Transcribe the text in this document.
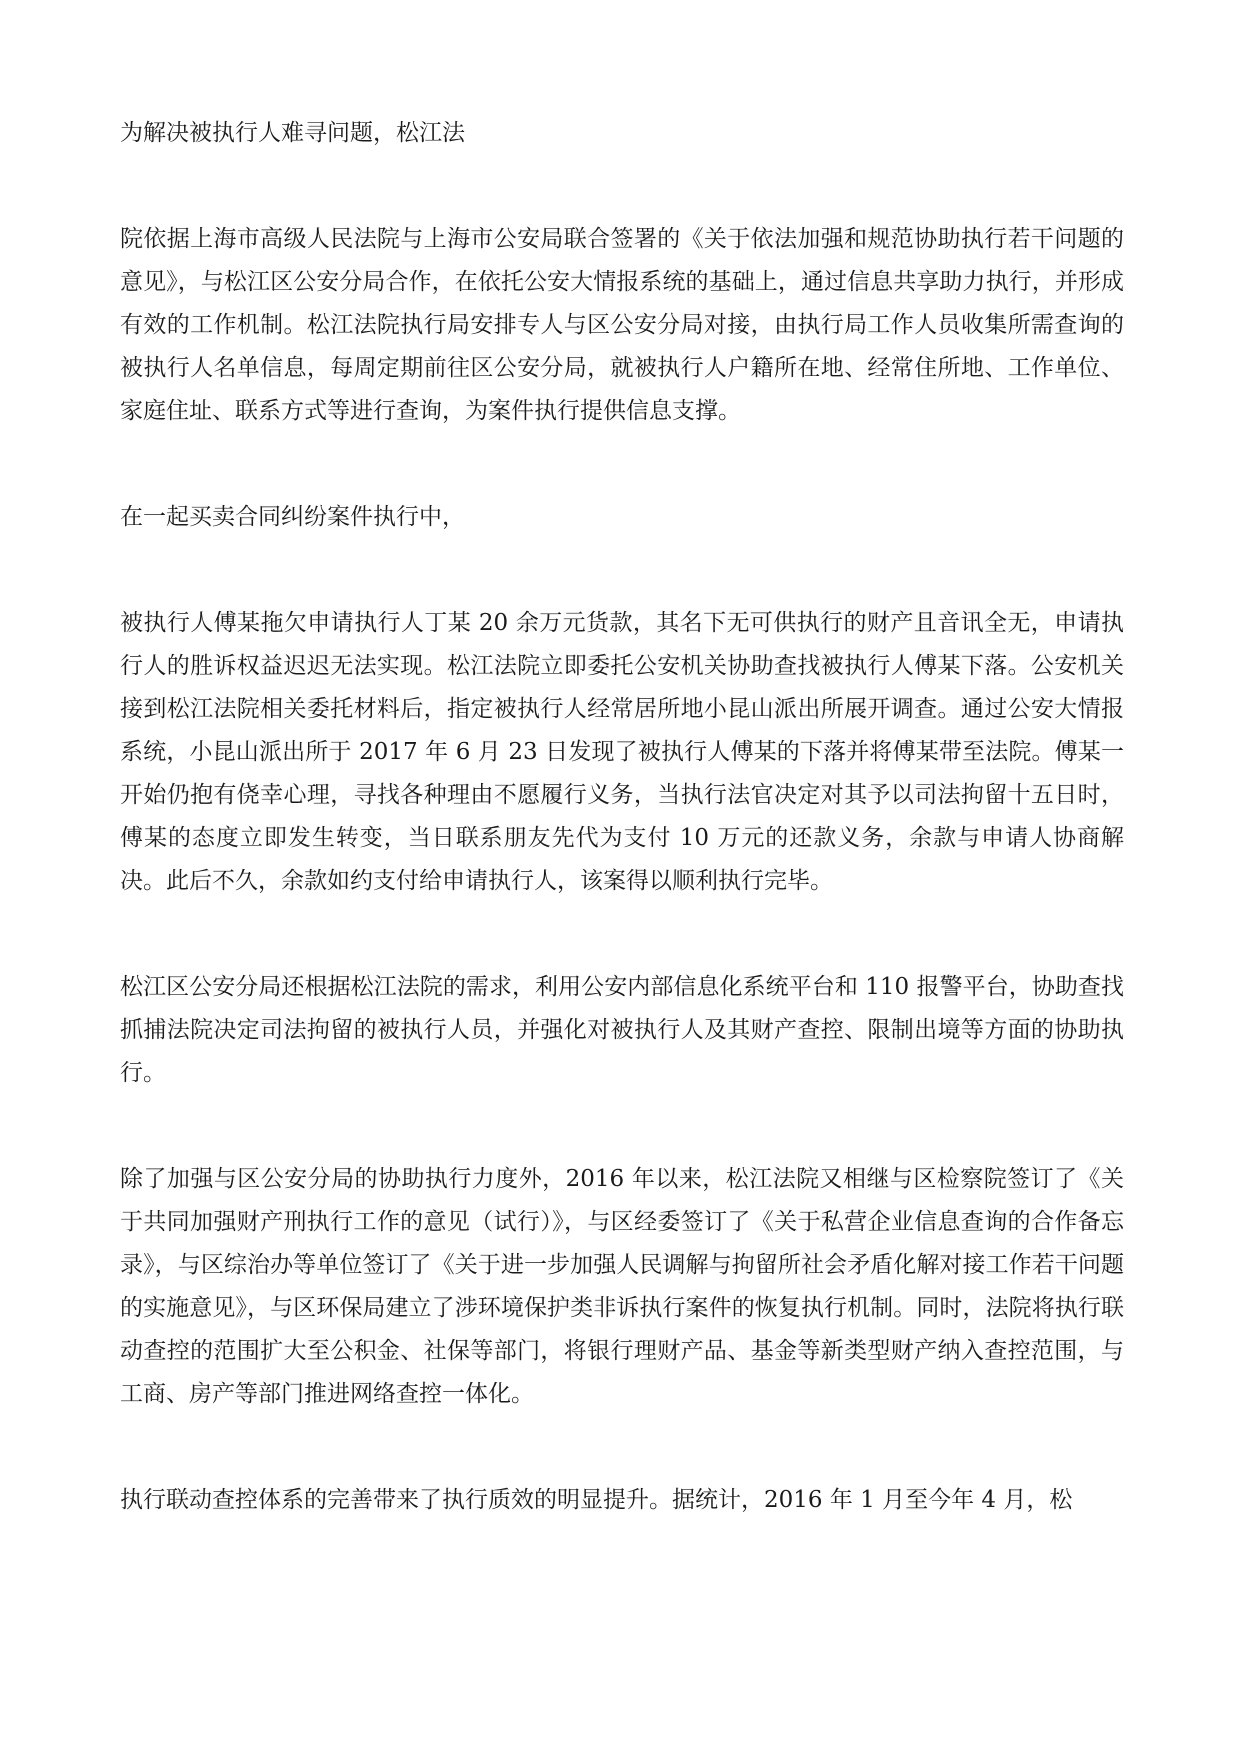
为解决被执行人难寻问题，松江法

院依据上海市高级人民法院与上海市公安局联合签署的《关于依法加强和规范协助执行若干问题的意见》，与松江区公安分局合作，在依托公安大情报系统的基础上，通过信息共享助力执行，并形成有效的工作机制。松江法院执行局安排专人与区公安分局对接，由执行局工作人员收集所需查询的被执行人名单信息，每周定期前往区公安分局，就被执行人户籍所在地、经常住所地、工作单位、家庭住址、联系方式等进行查询，为案件执行提供信息支撑。

在一起买卖合同纠纷案件执行中，

被执行人傅某拖欠申请执行人丁某 20 余万元货款，其名下无可供执行的财产且音讯全无，申请执行人的胜诉权益迟迟无法实现。松江法院立即委托公安机关协助查找被执行人傅某下落。公安机关接到松江法院相关委托材料后，指定被执行人经常居所地小昆山派出所展开调查。通过公安大情报系统，小昆山派出所于 2017 年 6 月 23 日发现了被执行人傅某的下落并将傅某带至法院。傅某一开始仍抱有侥幸心理，寻找各种理由不愿履行义务，当执行法官决定对其予以司法拘留十五日时，傅某的态度立即发生转变，当日联系朋友先代为支付 10 万元的还款义务，余款与申请人协商解决。此后不久，余款如约支付给申请执行人，该案得以顺利执行完毕。

松江区公安分局还根据松江法院的需求，利用公安内部信息化系统平台和 110 报警平台，协助查找抓捕法院决定司法拘留的被执行人员，并强化对被执行人及其财产查控、限制出境等方面的协助执行。

除了加强与区公安分局的协助执行力度外，2016 年以来，松江法院又相继与区检察院签订了《关于共同加强财产刑执行工作的意见（试行）》，与区经委签订了《关于私营企业信息查询的合作备忘录》，与区综治办等单位签订了《关于进一步加强人民调解与拘留所社会矛盾化解对接工作若干问题的实施意见》，与区环保局建立了涉环境保护类非诉执行案件的恢复执行机制。同时，法院将执行联动查控的范围扩大至公积金、社保等部门，将银行理财产品、基金等新类型财产纳入查控范围，与工商、房产等部门推进网络查控一体化。

执行联动查控体系的完善带来了执行质效的明显提升。据统计，2016 年 1 月至今年 4 月，松
